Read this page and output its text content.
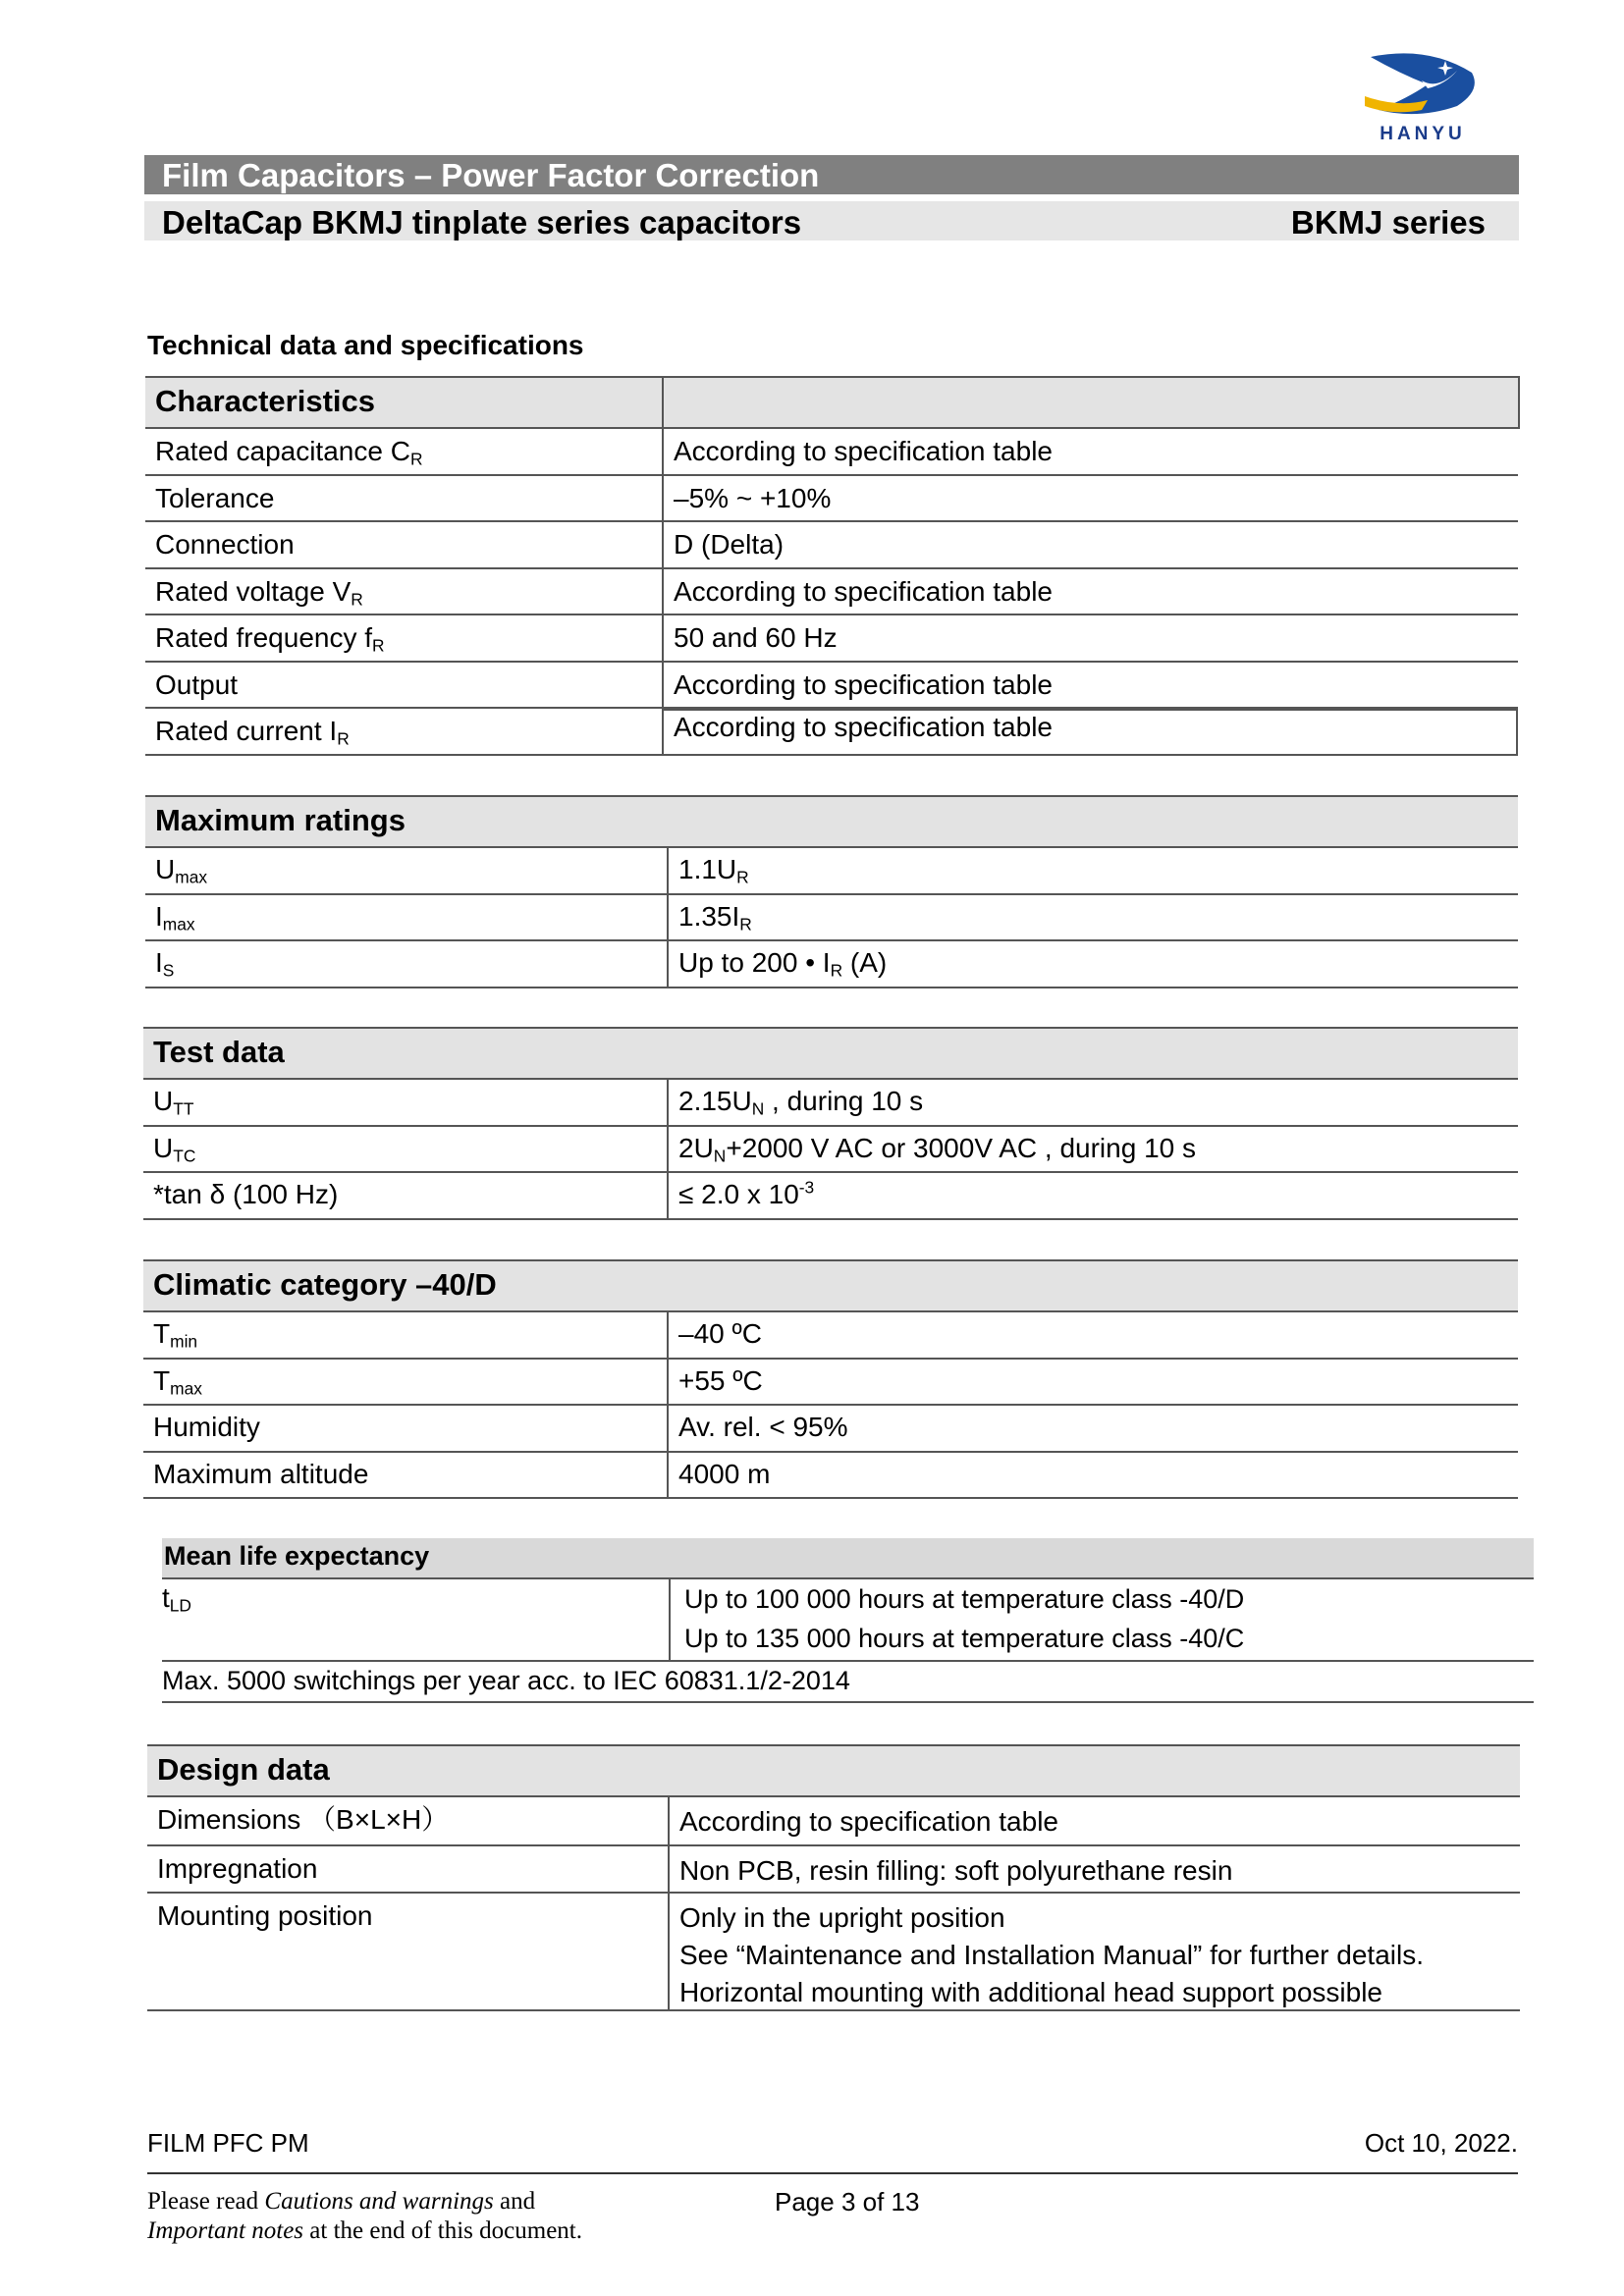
HANYU
Film Capacitors – Power Factor Correction
DeltaCap BKMJ tinplate series capacitors	BKMJ series
Technical data and specifications
Characteristics
Rated capacitance $C_R$	According to specification table
Tolerance	–5% ~ +10%
Connection	D (Delta)
Rated voltage $V_R$	According to specification table
Rated frequency $f_R$	50 and 60 Hz
Output	According to specification table
Rated current $I_R$	According to specification table
Maximum ratings
$U_{max}$	$1.1U_R$
$I_{max}$	$1.35I_R$
$I_S$	Up to 200 • $I_R$ (A)
Test data
$U_{TT}$	$2.15U_N$ , during 10 s
$U_{TC}$	$2U_N+2000$ V AC or 3000V AC , during 10 s
*tan δ (100 Hz)	≤ 2.0 x $10^{-3}$
Climatic category –40/D
$T_{min}$	–40 ºC
$T_{max}$	+55 ºC
Humidity	Av. rel. < 95%
Maximum altitude	4000 m
Mean life expectancy
$t_{LD}$	Up to 100 000 hours at temperature class -40/D
Up to 135 000 hours at temperature class -40/C
Max. 5000 switchings per year acc. to IEC 60831.1/2-2014
Design data
Dimensions （B×L×H）	According to specification table
Impregnation	Non PCB, resin filling: soft polyurethane resin
Mounting position	Only in the upright position
See “Maintenance and Installation Manual” for further details.
Horizontal mounting with additional head support possible
FILM PFC PM	Oct 10, 2022.
Please read Cautions and warnings and
Important notes at the end of this document.
Page 3 of 13
